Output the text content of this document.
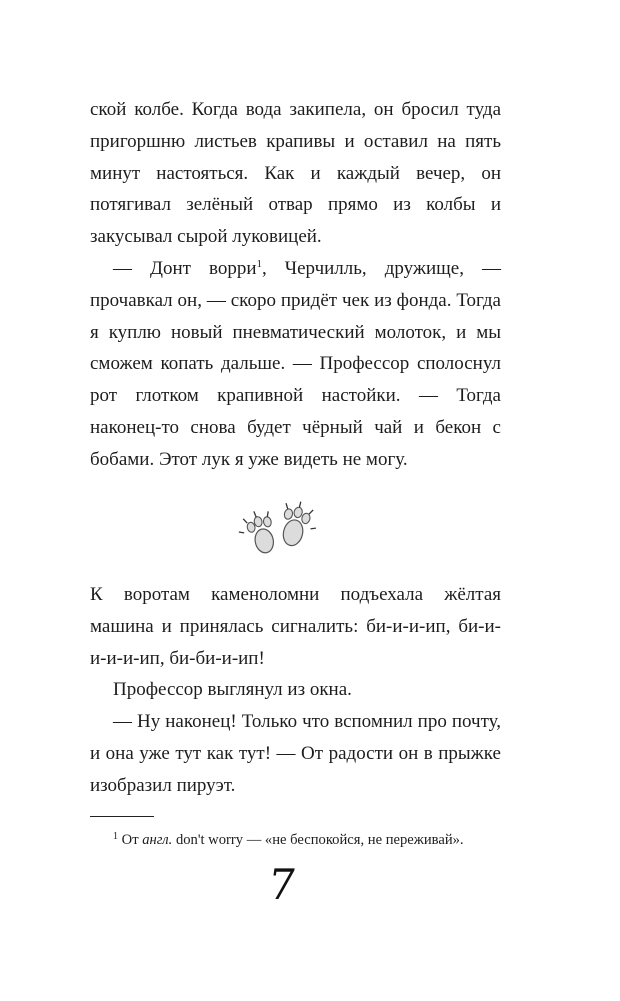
ской колбе. Когда вода закипела, он бросил туда пригоршню листьев крапивы и оставил на пять минут настояться. Как и каждый вечер, он потягивал зелёный отвар прямо из колбы и закусывал сырой луковицей.

— Донт ворри$^1$, Черчилль, дружище, — прочавкал он, — скоро придёт чек из фонда. Тогда я куплю новый пневматический молоток, и мы сможем копать дальше. — Профессор сполоснул рот глотком крапивной настойки. — Тогда наконец-то снова будет чёрный чай и бекон с бобами. Этот лук я уже видеть не могу.

К воротам каменоломни подъехала жёлтая машина и принялась сигналить: би-и-и-ип, би-и-и-и-и-ип, би-би-и-ип!

Профессор выглянул из окна.

— Ну наконец! Только что вспомнил про почту, и она уже тут как тут! — От радости он в прыжке изобразил пируэт.

$^1$ От англ. don't worry — «не беспокойся, не переживай».
7
